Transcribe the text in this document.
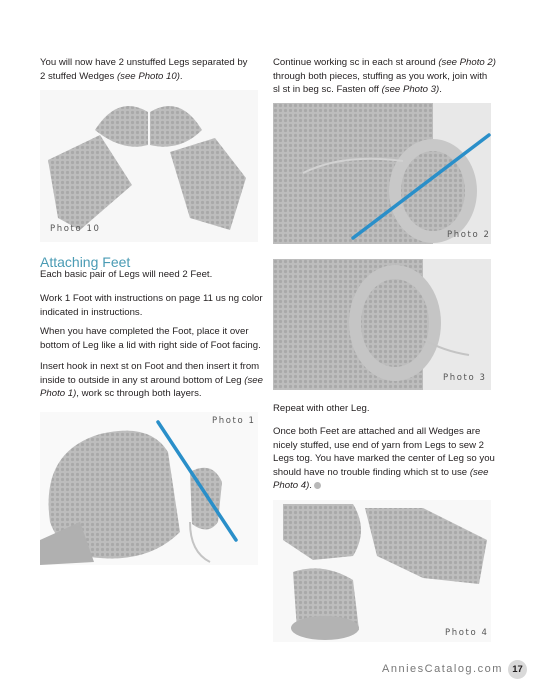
You will now have 2 unstuffed Legs separated by
2 stuffed Wedges (see Photo 10).
Photo 10
Attaching Feet
Each basic pair of Legs will need 2 Feet.
Work 1 Foot with instructions on page 11 us ng color
indicated in instructions.
When you have completed the Foot, place it over
bottom of Leg like a lid with right side of Foot facing.
Insert hook in next st on Foot and then insert it from
inside to outside in any st around bottom of Leg (see
Photo 1), work sc through both layers.
Photo 1
Continue working sc in each st around (see Photo 2)
through both pieces, stuffing as you work, join with
sl st in beg sc. Fasten off (see Photo 3).
Photo 2
Photo 3
Repeat with other Leg.
Once both Feet are attached and all Wedges are
nicely stuffed, use end of yarn from Legs to sew 2
Legs tog. You have marked the center of Leg so you
should have no trouble finding which st to use (see
Photo 4).
Photo 4
AnniesCatalog.com 17
